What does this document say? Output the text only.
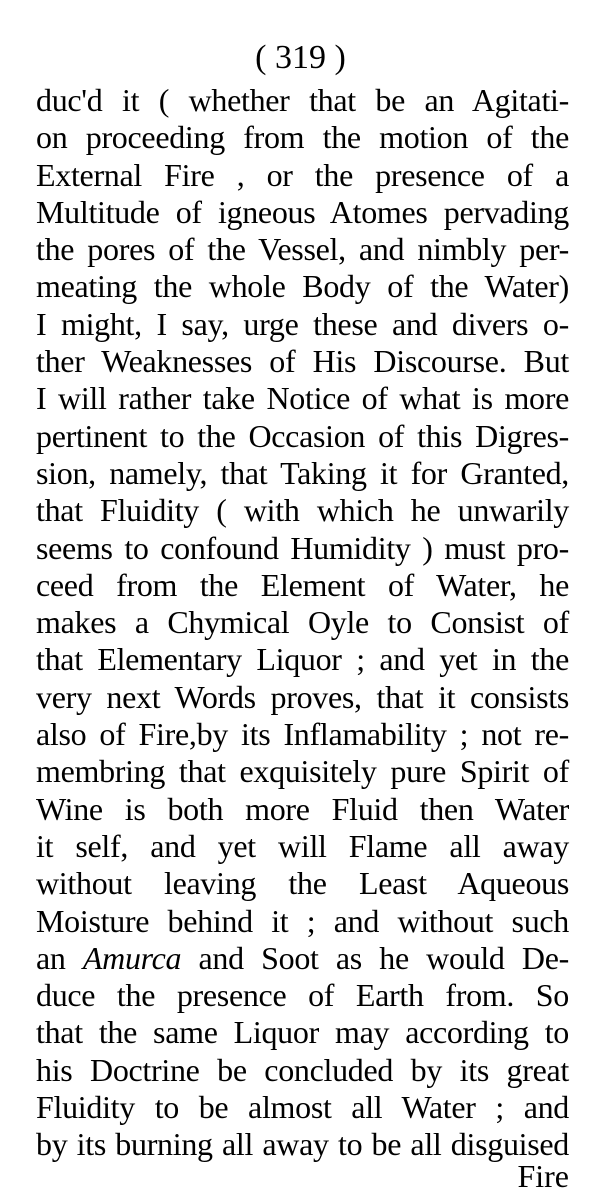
( 319 )
duc'd it ( whether that be an Agitati-
on proceeding from the motion of the
External Fire , or the presence of a
Multitude of igneous Atomes pervading
the pores of the Vessel, and nimbly per-
meating the whole Body of the Water)
I might, I say, urge these and divers o-
ther Weaknesses of His Discourse. But
I will rather take Notice of what is more
pertinent to the Occasion of this Digres-
sion, namely, that Taking it for Granted,
that Fluidity ( with which he unwarily
seems to confound Humidity ) must pro-
ceed from the Element of Water, he
makes a Chymical Oyle to Consist of
that Elementary Liquor ; and yet in the
very next Words proves, that it consists
also of Fire,by its Inflamability ; not re-
membring that exquisitely pure Spirit of
Wine is both more Fluid then Water
it self, and yet will Flame all away
without leaving the Least Aqueous
Moisture behind it ; and without such
an Amurca and Soot as he would De-
duce the presence of Earth from. So
that the same Liquor may according to
his Doctrine be concluded by its great
Fluidity to be almost all Water ; and
by its burning all away to be all disguised
Fire
